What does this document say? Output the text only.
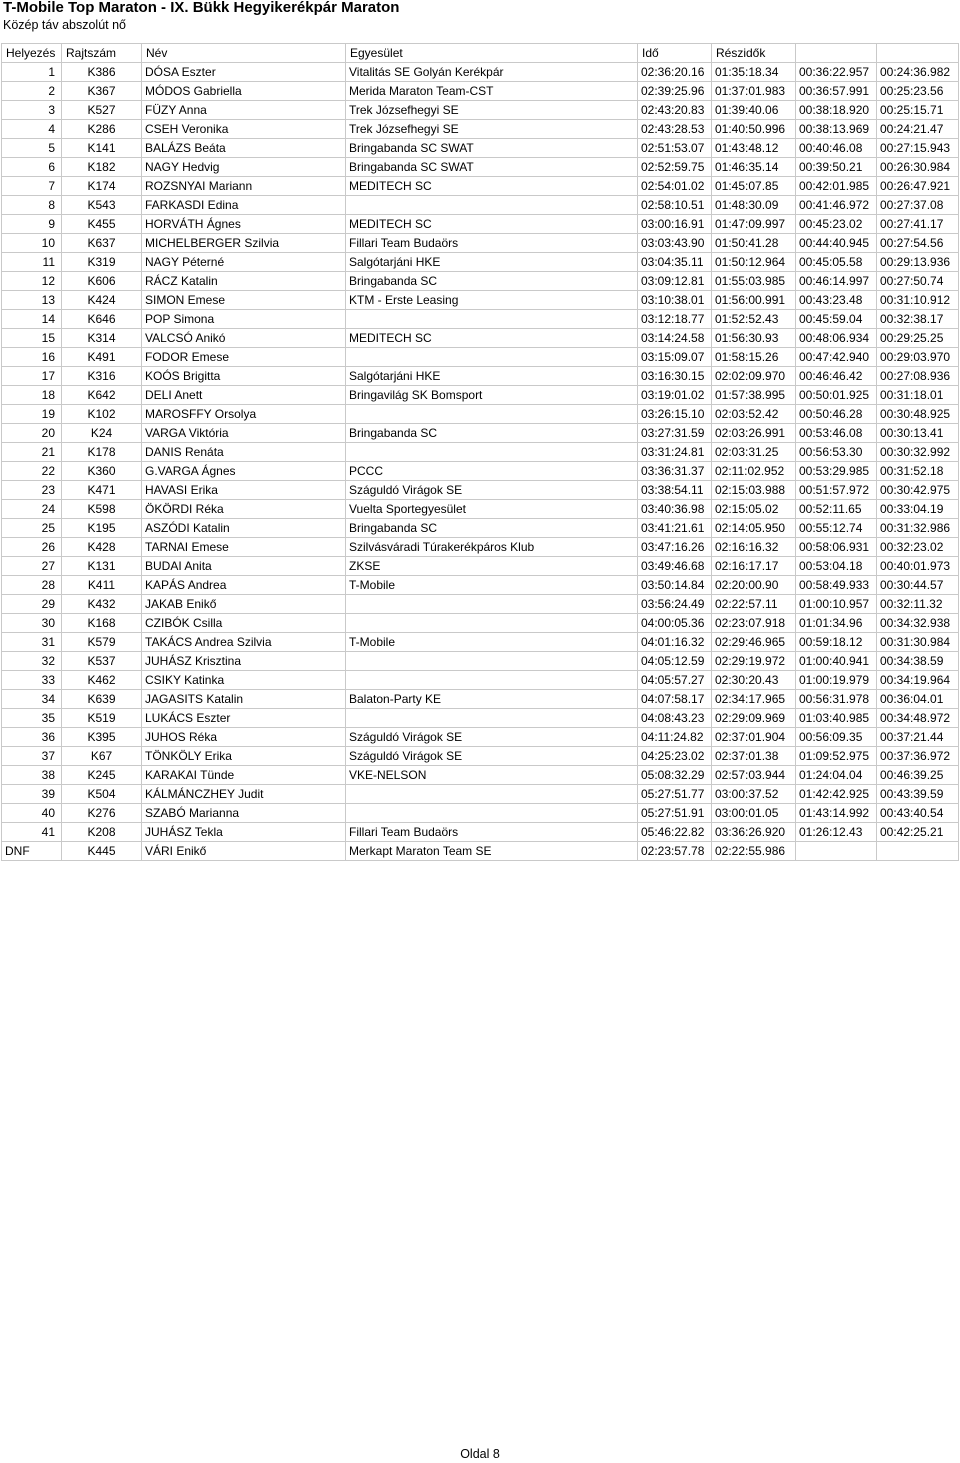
T-Mobile Top Maraton - IX. Bükk Hegyikerékpár Maraton
Közép táv abszolút nő
Helyezés	Rajtszám	Név	Egyesület	Idő	Részidők		
1	K386	DÓSA Eszter	Vitalitás SE Golyán Kerékpár	02:36:20.16	01:35:18.34	00:36:22.957	00:24:36.982
2	K367	MÓDOS Gabriella	Merida Maraton Team-CST	02:39:25.96	01:37:01.983	00:36:57.991	00:25:23.56
3	K527	FÜZY Anna	Trek Józsefhegyi SE	02:43:20.83	01:39:40.06	00:38:18.920	00:25:15.71
4	K286	CSEH Veronika	Trek Józsefhegyi SE	02:43:28.53	01:40:50.996	00:38:13.969	00:24:21.47
5	K141	BALÁZS Beáta	Bringabanda SC SWAT	02:51:53.07	01:43:48.12	00:40:46.08	00:27:15.943
6	K182	NAGY Hedvig	Bringabanda SC SWAT	02:52:59.75	01:46:35.14	00:39:50.21	00:26:30.984
7	K174	ROZSNYAI Mariann	MEDITECH SC	02:54:01.02	01:45:07.85	00:42:01.985	00:26:47.921
8	K543	FARKASDI Edina		02:58:10.51	01:48:30.09	00:41:46.972	00:27:37.08
9	K455	HORVÁTH Ágnes	MEDITECH SC	03:00:16.91	01:47:09.997	00:45:23.02	00:27:41.17
10	K637	MICHELBERGER Szilvia	Fillari Team Budaörs	03:03:43.90	01:50:41.28	00:44:40.945	00:27:54.56
11	K319	NAGY Péterné	Salgótarjáni HKE	03:04:35.11	01:50:12.964	00:45:05.58	00:29:13.936
12	K606	RÁCZ Katalin	Bringabanda SC	03:09:12.81	01:55:03.985	00:46:14.997	00:27:50.74
13	K424	SIMON Emese	KTM - Erste Leasing	03:10:38.01	01:56:00.991	00:43:23.48	00:31:10.912
14	K646	POP Simona		03:12:18.77	01:52:52.43	00:45:59.04	00:32:38.17
15	K314	VALCSÓ Anikó	MEDITECH SC	03:14:24.58	01:56:30.93	00:48:06.934	00:29:25.25
16	K491	FODOR Emese		03:15:09.07	01:58:15.26	00:47:42.940	00:29:03.970
17	K316	KOÓS Brigitta	Salgótarjáni HKE	03:16:30.15	02:02:09.970	00:46:46.42	00:27:08.936
18	K642	DELI Anett	Bringavilág SK Bomsport	03:19:01.02	01:57:38.995	00:50:01.925	00:31:18.01
19	K102	MAROSFFY Orsolya		03:26:15.10	02:03:52.42	00:50:46.28	00:30:48.925
20	K24	VARGA Viktória	Bringabanda SC	03:27:31.59	02:03:26.991	00:53:46.08	00:30:13.41
21	K178	DANIS Renáta		03:31:24.81	02:03:31.25	00:56:53.30	00:30:32.992
22	K360	G.VARGA Ágnes	PCCC	03:36:31.37	02:11:02.952	00:53:29.985	00:31:52.18
23	K471	HAVASI Erika	Száguldó Virágok SE	03:38:54.11	02:15:03.988	00:51:57.972	00:30:42.975
24	K598	ÖKÖRDI Réka	Vuelta Sportegyesület	03:40:36.98	02:15:05.02	00:52:11.65	00:33:04.19
25	K195	ASZÓDI Katalin	Bringabanda SC	03:41:21.61	02:14:05.950	00:55:12.74	00:31:32.986
26	K428	TARNAI Emese	Szilvásváradi Túrakerékpáros Klub	03:47:16.26	02:16:16.32	00:58:06.931	00:32:23.02
27	K131	BUDAI Anita	ZKSE	03:49:46.68	02:16:17.17	00:53:04.18	00:40:01.973
28	K411	KAPÁS Andrea	T-Mobile	03:50:14.84	02:20:00.90	00:58:49.933	00:30:44.57
29	K432	JAKAB Enikő		03:56:24.49	02:22:57.11	01:00:10.957	00:32:11.32
30	K168	CZIBÓK Csilla		04:00:05.36	02:23:07.918	01:01:34.96	00:34:32.938
31	K579	TAKÁCS Andrea Szilvia	T-Mobile	04:01:16.32	02:29:46.965	00:59:18.12	00:31:30.984
32	K537	JUHÁSZ Krisztina		04:05:12.59	02:29:19.972	01:00:40.941	00:34:38.59
33	K462	CSIKY Katinka		04:05:57.27	02:30:20.43	01:00:19.979	00:34:19.964
34	K639	JAGASITS Katalin	Balaton-Party KE	04:07:58.17	02:34:17.965	00:56:31.978	00:36:04.01
35	K519	LUKÁCS Eszter		04:08:43.23	02:29:09.969	01:03:40.985	00:34:48.972
36	K395	JUHOS Réka	Száguldó Virágok SE	04:11:24.82	02:37:01.904	00:56:09.35	00:37:21.44
37	K67	TÖNKÖLY Erika	Száguldó Virágok SE	04:25:23.02	02:37:01.38	01:09:52.975	00:37:36.972
38	K245	KARAKAI Tünde	VKE-NELSON	05:08:32.29	02:57:03.944	01:24:04.04	00:46:39.25
39	K504	KÁLMÁNCZHEY Judit		05:27:51.77	03:00:37.52	01:42:42.925	00:43:39.59
40	K276	SZABÓ Marianna		05:27:51.91	03:00:01.05	01:43:14.992	00:43:40.54
41	K208	JUHÁSZ Tekla	Fillari Team Budaörs	05:46:22.82	03:36:26.920	01:26:12.43	00:42:25.21
DNF	K445	VÁRI Enikő	Merkapt Maraton Team SE	02:23:57.78	02:22:55.986		
Oldal 8
